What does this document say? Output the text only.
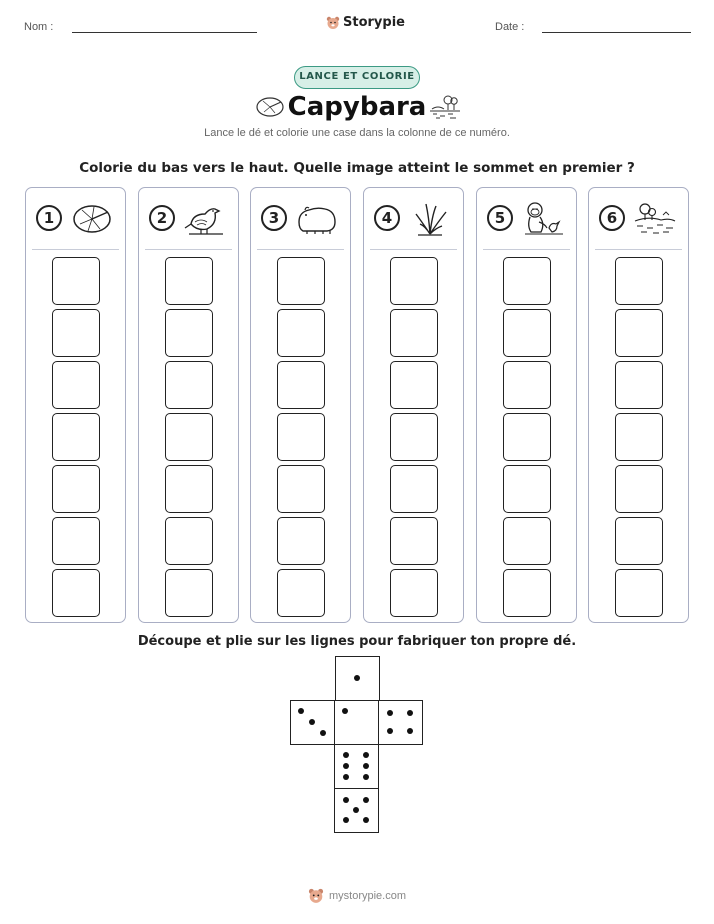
Nom :	Storypie	Date :
LANCE ET COLORIE
Capybara
Lance le dé et colorie une case dans la colonne de ce numéro.
Colorie du bas vers le haut. Quelle image atteint le sommet en premier ?
1	2	3	4	5	6
Découpe et plie sur les lignes pour fabriquer ton propre dé.
mystorypie.com
